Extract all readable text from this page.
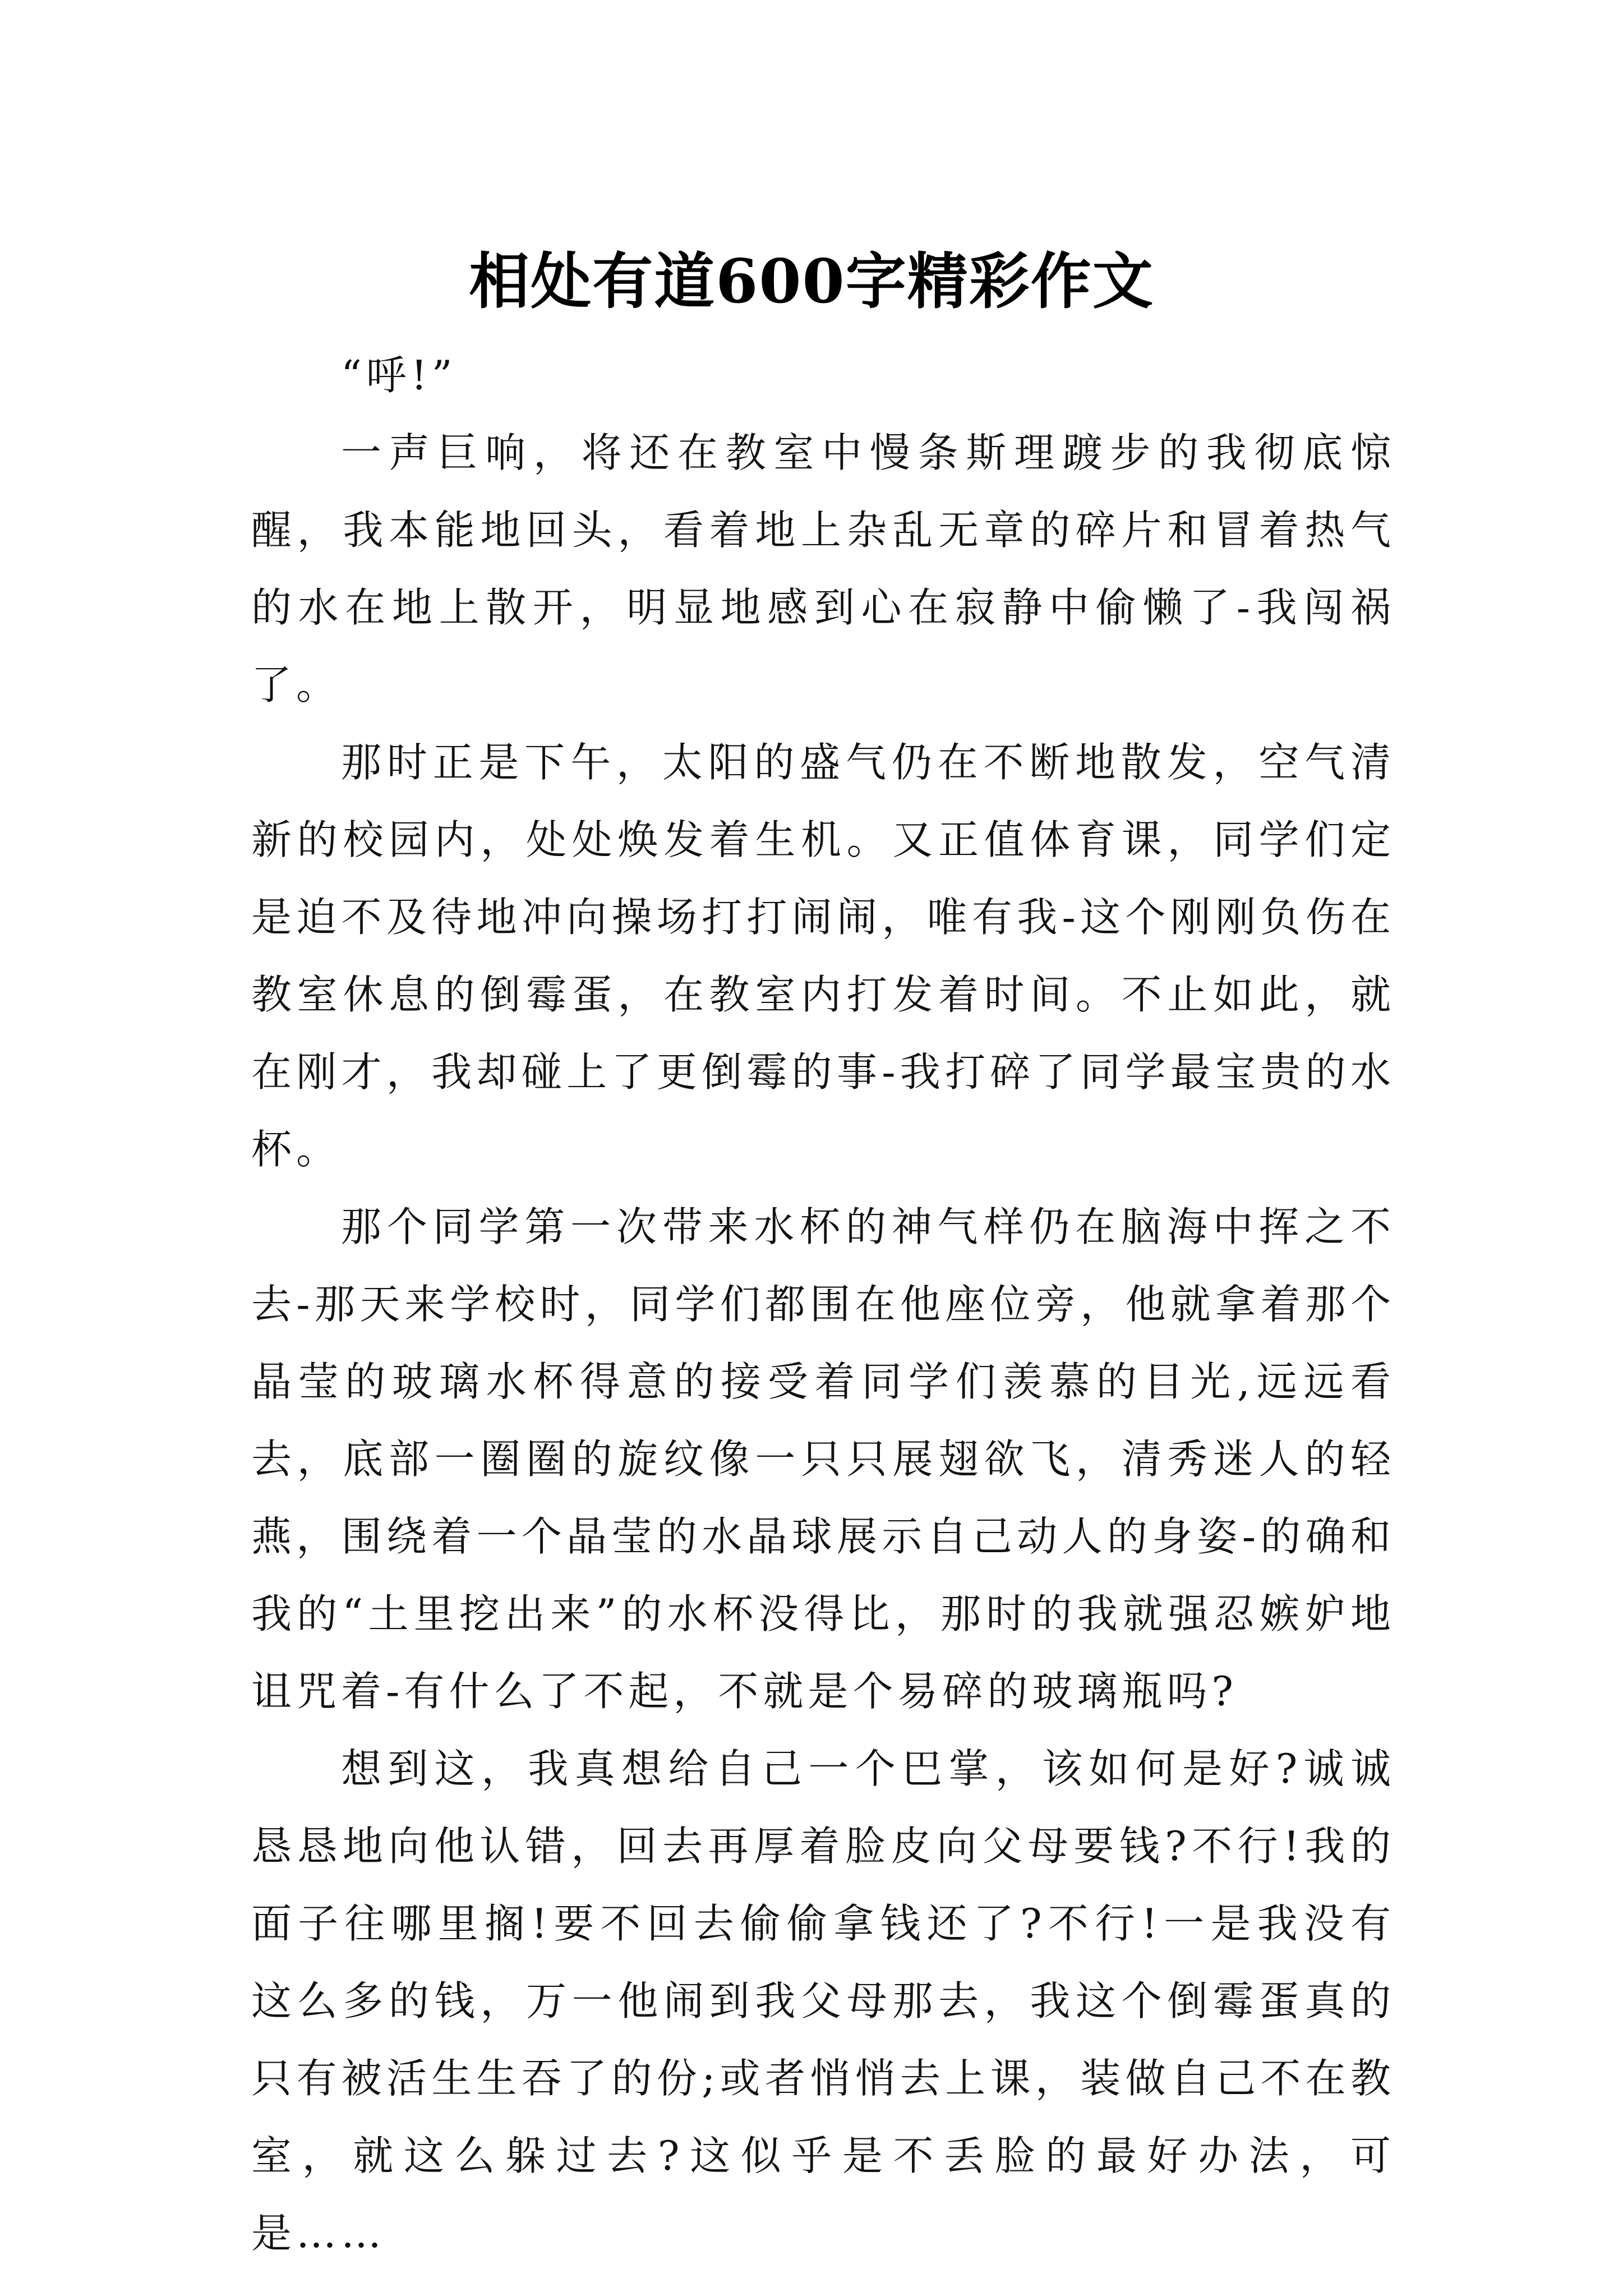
相处有道600字精彩作文

“呼!”

一声巨响，将还在教室中慢条斯理踱步的我彻底惊醒，我本能地回头，看着地上杂乱无章的碎片和冒着热气的水在地上散开，明显地感到心在寂静中偷懒了-我闯祸了。

那时正是下午，太阳的盛气仍在不断地散发，空气清新的校园内，处处焕发着生机。又正值体育课，同学们定是迫不及待地冲向操场打打闹闹，唯有我-这个刚刚负伤在教室休息的倒霉蛋，在教室内打发着时间。不止如此，就在刚才，我却碰上了更倒霉的事-我打碎了同学最宝贵的水杯。

那个同学第一次带来水杯的神气样仍在脑海中挥之不去-那天来学校时，同学们都围在他座位旁，他就拿着那个晶莹的玻璃水杯得意的接受着同学们羡慕的目光,远远看去，底部一圈圈的旋纹像一只只展翅欲飞，清秀迷人的轻燕，围绕着一个晶莹的水晶球展示自己动人的身姿-的确和我的“土里挖出来”的水杯没得比，那时的我就强忍嫉妒地诅咒着-有什么了不起，不就是个易碎的玻璃瓶吗?

想到这，我真想给自己一个巴掌，该如何是好?诚诚恳恳地向他认错，回去再厚着脸皮向父母要钱?不行!我的面子往哪里搁!要不回去偷偷拿钱还了?不行!一是我没有这么多的钱，万一他闹到我父母那去，我这个倒霉蛋真的只有被活生生吞了的份;或者悄悄去上课，装做自己不在教室，就这么躲过去?这似乎是不丢脸的最好办法，可是……
